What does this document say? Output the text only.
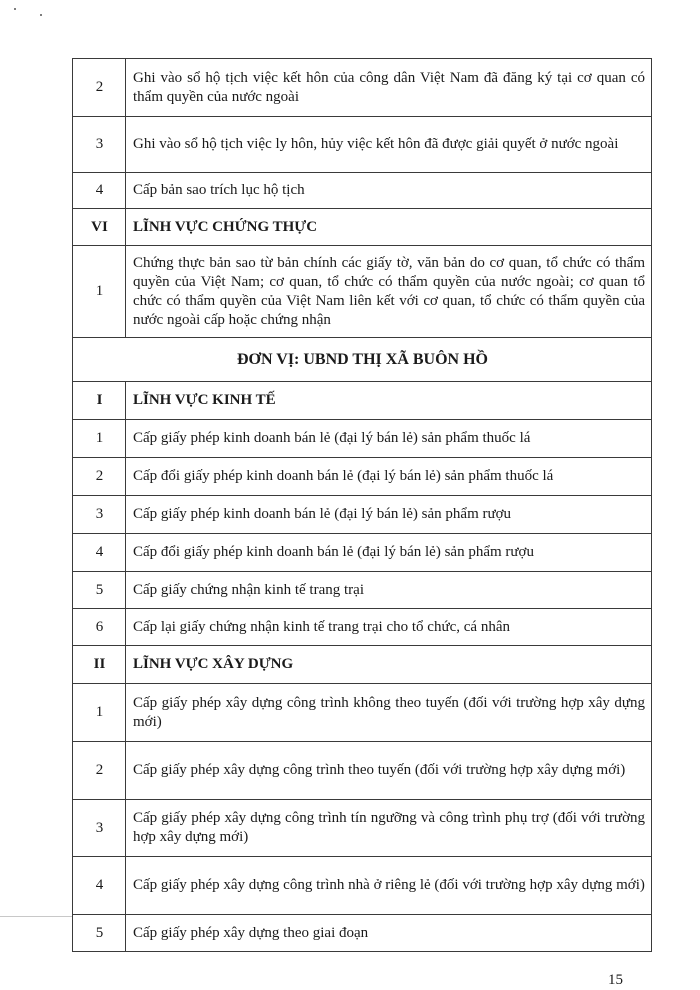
2	Ghi vào sổ hộ tịch việc kết hôn của công dân Việt Nam đã đăng ký tại cơ quan có thẩm quyền của nước ngoài
3	Ghi vào sổ hộ tịch việc ly hôn, hủy việc kết hôn đã được giải quyết ở nước ngoài
4	Cấp bản sao trích lục hộ tịch
VI	LĨNH VỰC CHỨNG THỰC
1	Chứng thực bản sao từ bản chính các giấy tờ, văn bản do cơ quan, tổ chức có thẩm quyền của Việt Nam; cơ quan, tổ chức có thẩm quyền của nước ngoài; cơ quan tổ chức có thẩm quyền của Việt Nam liên kết với cơ quan, tổ chức có thẩm quyền của nước ngoài cấp hoặc chứng nhận
ĐƠN VỊ: UBND THỊ XÃ BUÔN HỒ	
I	LĨNH VỰC KINH TẾ
1	Cấp giấy phép kinh doanh bán lẻ (đại lý bán lẻ) sản phẩm thuốc lá
2	Cấp đổi giấy phép kinh doanh bán lẻ (đại lý bán lẻ) sản phẩm thuốc lá
3	Cấp giấy phép kinh doanh bán lẻ (đại lý bán lẻ) sản phẩm rượu
4	Cấp đổi giấy phép kinh doanh bán lẻ (đại lý bán lẻ) sản phẩm rượu
5	Cấp giấy chứng nhận kinh tế trang trại
6	Cấp lại giấy chứng nhận kinh tế trang trại cho tổ chức, cá nhân
II	LĨNH VỰC XÂY DỰNG
1	Cấp giấy phép xây dựng công trình không theo tuyến (đối với trường hợp xây dựng mới)
2	Cấp giấy phép xây dựng công trình theo tuyến (đối với trường hợp xây dựng mới)
3	Cấp giấy phép xây dựng công trình tín ngưỡng và công trình phụ trợ (đối với trường hợp xây dựng mới)
4	Cấp giấy phép xây dựng công trình nhà ở riêng lẻ (đối với trường hợp xây dựng mới)
5	Cấp giấy phép xây dựng theo giai đoạn
15
